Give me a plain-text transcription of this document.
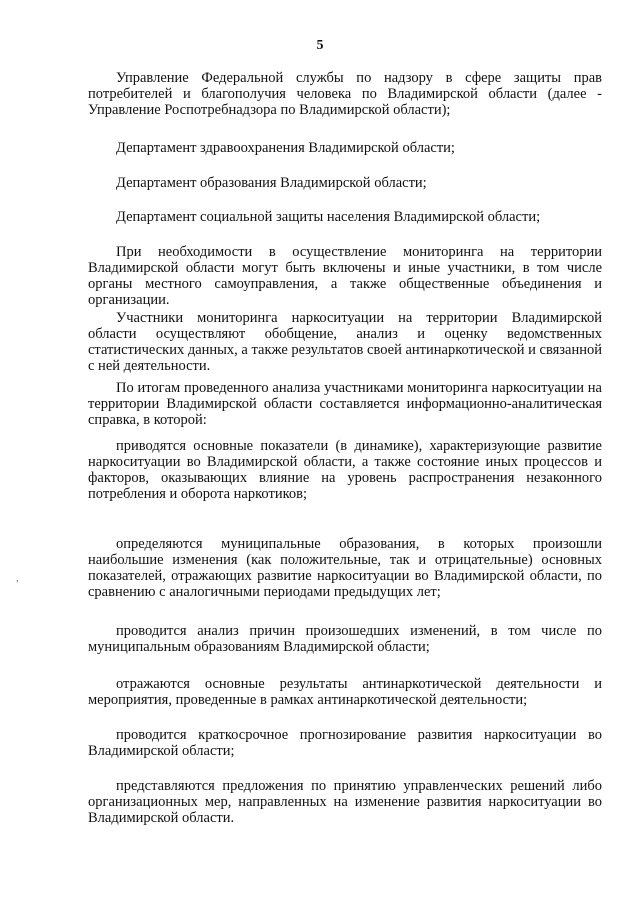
5

Управление Федеральной службы по надзору в сфере защиты прав потребителей и благополучия человека по Владимирской области (далее - Управление Роспотребнадзора по Владимирской области);

Департамент здравоохранения Владимирской области;

Департамент образования Владимирской области;

Департамент социальной защиты населения Владимирской области;

При необходимости в осуществление мониторинга на территории Владимирской области могут быть включены и иные участники, в том числе органы местного самоуправления, а также общественные объединения и организации.

Участники мониторинга наркоситуации на территории Владимирской области осуществляют обобщение, анализ и оценку ведомственных статистических данных, а также результатов своей антинаркотической и связанной с ней деятельности.

По итогам проведенного анализа участниками мониторинга наркоситуации на территории Владимирской области составляется информационно-аналитическая справка, в которой:

приводятся основные показатели (в динамике), характеризующие развитие наркоситуации во Владимирской области, а также состояние иных процессов и факторов, оказывающих влияние на уровень распространения незаконного потребления и оборота наркотиков;

определяются муниципальные образования, в которых произошли наибольшие изменения (как положительные, так и отрицательные) основных показателей, отражающих развитие наркоситуации во Владимирской области, по сравнению с аналогичными периодами предыдущих лет;

проводится анализ причин произошедших изменений, в том числе по муниципальным образованиям Владимирской области;

отражаются основные результаты антинаркотической деятельности и мероприятия, проведенные в рамках антинаркотической деятельности;

проводится краткосрочное прогнозирование развития наркоситуации во Владимирской области;

представляются предложения по принятию управленческих решений либо организационных мер, направленных на изменение развития наркоситуации во Владимирской области.

,
